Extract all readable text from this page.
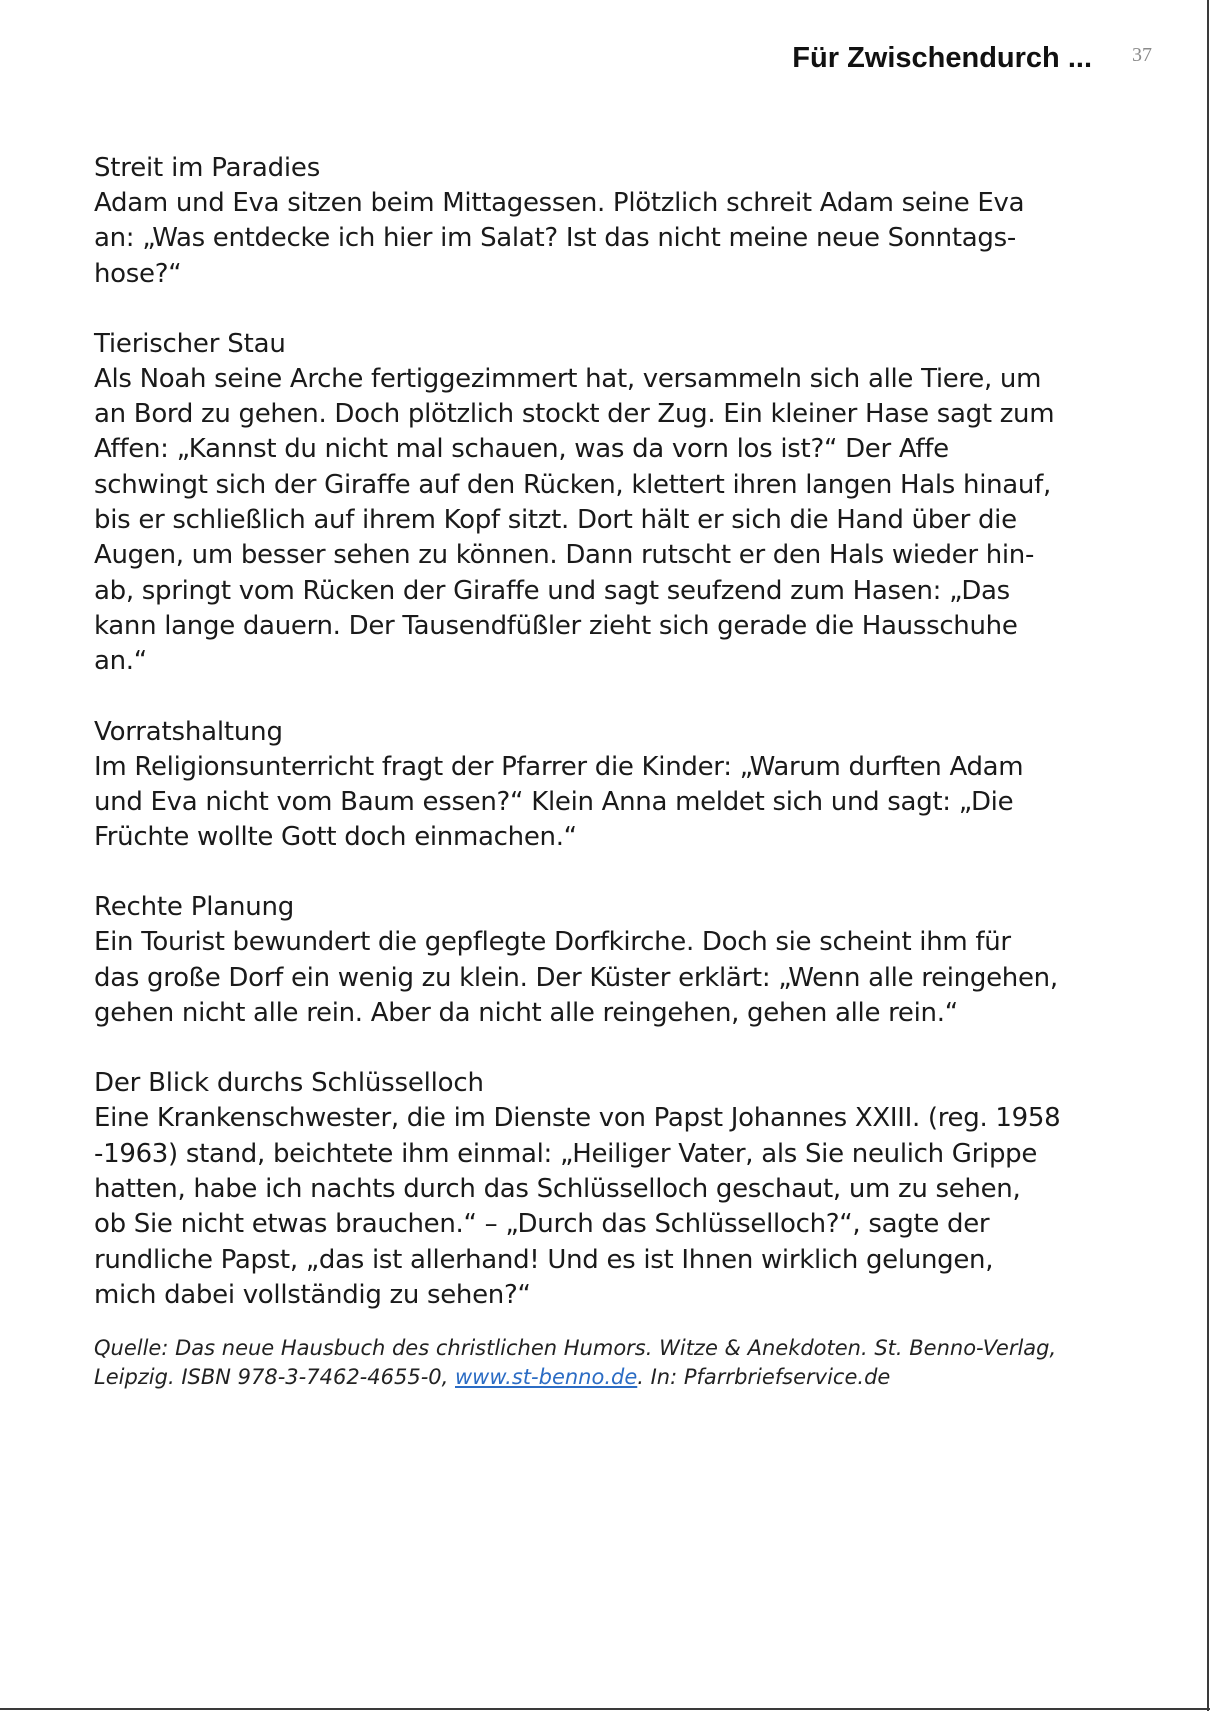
Für Zwischendurch ... 37

Streit im Paradies

Adam und Eva sitzen beim Mittagessen. Plötzlich schreit Adam seine Eva

an: „Was entdecke ich hier im Salat? Ist das nicht meine neue Sonntags-

hose?“

Tierischer Stau

Als Noah seine Arche fertiggezimmert hat, versammeln sich alle Tiere, um

an Bord zu gehen. Doch plötzlich stockt der Zug. Ein kleiner Hase sagt zum

Affen: „Kannst du nicht mal schauen, was da vorn los ist?“ Der Affe

schwingt sich der Giraffe auf den Rücken, klettert ihren langen Hals hinauf,

bis er schließlich auf ihrem Kopf sitzt. Dort hält er sich die Hand über die

Augen, um besser sehen zu können. Dann rutscht er den Hals wieder hin-

ab, springt vom Rücken der Giraffe und sagt seufzend zum Hasen: „Das

kann lange dauern. Der Tausendfüßler zieht sich gerade die Hausschuhe

an.“

Vorratshaltung

Im Religionsunterricht fragt der Pfarrer die Kinder: „Warum durften Adam

und Eva nicht vom Baum essen?“ Klein Anna meldet sich und sagt: „Die

Früchte wollte Gott doch einmachen.“

Rechte Planung

Ein Tourist bewundert die gepflegte Dorfkirche. Doch sie scheint ihm für

das große Dorf ein wenig zu klein. Der Küster erklärt: „Wenn alle reingehen,

gehen nicht alle rein. Aber da nicht alle reingehen, gehen alle rein.“

Der Blick durchs Schlüsselloch

Eine Krankenschwester, die im Dienste von Papst Johannes XXIII. (reg. 1958

-1963) stand, beichtete ihm einmal: „Heiliger Vater, als Sie neulich Grippe

hatten, habe ich nachts durch das Schlüsselloch geschaut, um zu sehen,

ob Sie nicht etwas brauchen.“ – „Durch das Schlüsselloch?“, sagte der

rundliche Papst, „das ist allerhand! Und es ist Ihnen wirklich gelungen,

mich dabei vollständig zu sehen?“

Quelle: Das neue Hausbuch des christlichen Humors. Witze & Anekdoten. St. Benno-Verlag,
Leipzig. ISBN 978-3-7462-4655-0, www.st-benno.de. In: Pfarrbriefservice.de
